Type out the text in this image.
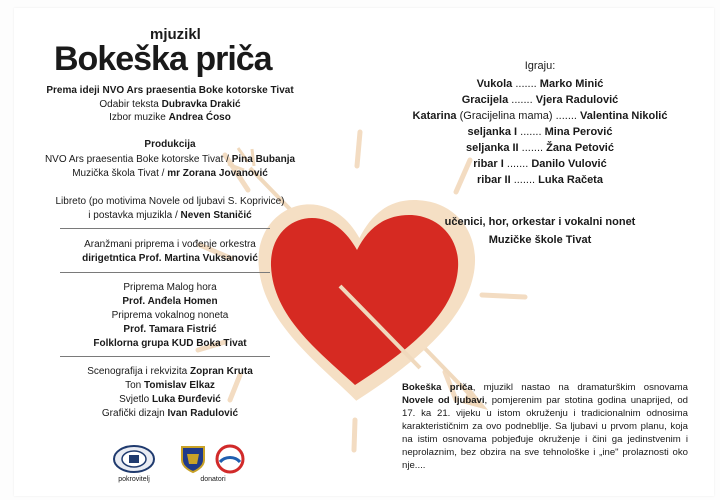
mjuzikl
Bokeška priča
Prema ideji NVO Ars praesentia Boke kotorske Tivat
Odabir teksta Dubravka Drakić
Izbor muzike Andrea Ćoso
Produkcija
NVO Ars praesentia Boke kotorske Tivat / Pina Bubanja
Muzička škola Tivat / mr Zorana Jovanović
Libreto (po motivima Novele od ljubavi S. Koprivice)
i postavka mjuzikla / Neven Staničić
Aranžmani priprema i vođenje orkestra
dirigetntica Prof. Martina Vuksanović
Priprema Malog hora
Prof. Anđela Homen
Priprema vokalnog noneta
Prof. Tamara Fistrić
Folklorna grupa KUD Boka Tivat
Scenografija i rekvizita Zopran Kruta
Ton Tomislav Elkaz
Svjetlo Luka Đurđević
Grafički dizajn Ivan Radulović
Igraju:
Vukola ....... Marko Minić
Gracijela ....... Vjera Radulović
Katarina (Gracijelina mama) ....... Valentina Nikolić
seljanka I ....... Mina Perović
seljanka II ....... Žana Petović
ribar I ....... Danilo Vulović
ribar II ....... Luka Račeta
učenici, hor, orkestar i vokalni nonet
Muzičke škole Tivat
Bokeška priča, mjuzikl nastao na dramaturškim osnovama Novele od ljubavi, pomjerenim par stotina godina unaprijed, od 17. ka 21. vijeku u istom okruženju i tradicionalnim odnosima karakterističnim za ovo podnebllje. Sa ljubavi u prvom planu, koja na istim osnovama pobjeđuje okruženje i čini ga jedinstvenim i neprolaznim, bez obzira na sve tehnološke i „ine" prolaznosti oko nje....
pokrovitelj	donatori
